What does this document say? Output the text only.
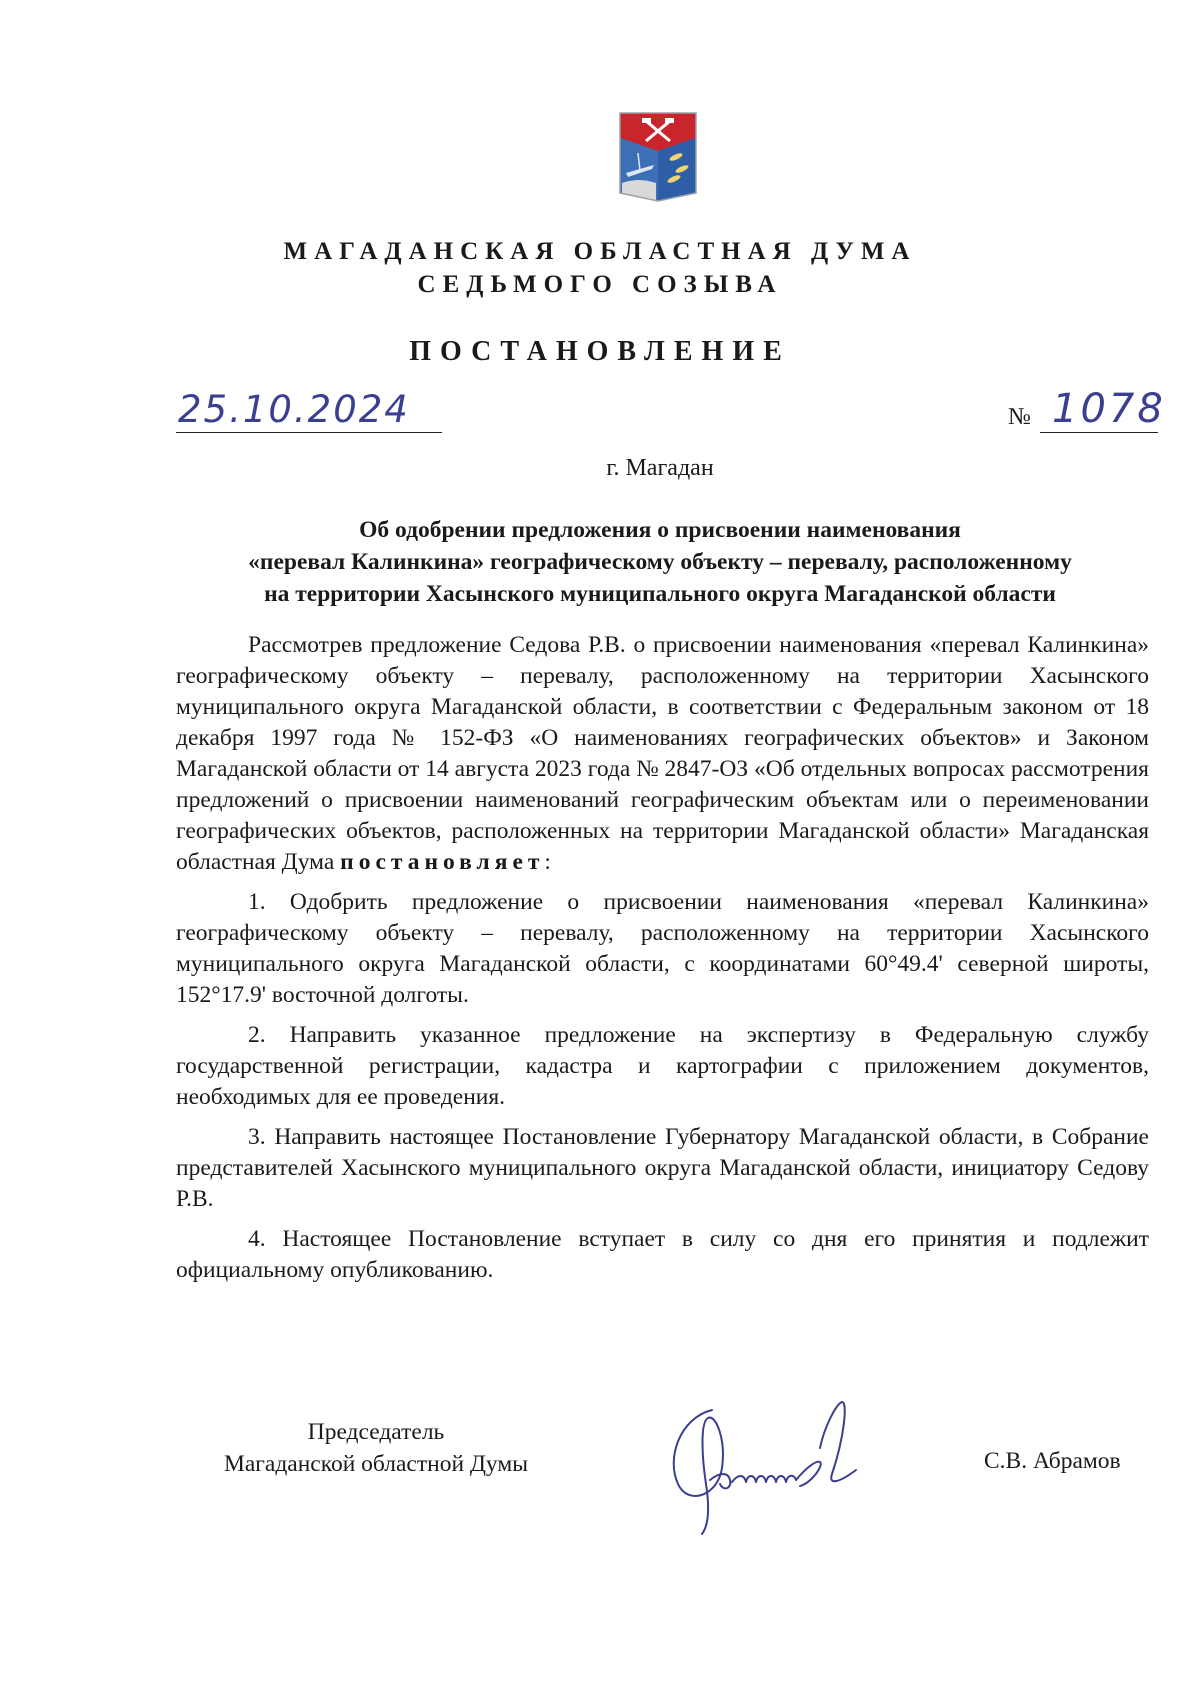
МАГАДАНСКАЯ ОБЛАСТНАЯ ДУМА
СЕДЬМОГО СОЗЫВА
ПОСТАНОВЛЕНИЕ
25.10.2024	№ 1078
г. Магадан
Об одобрении предложения о присвоении наименования
«перевал Калинкина» географическому объекту – перевалу, расположенному
на территории Хасынского муниципального округа Магаданской области

Рассмотрев предложение Седова Р.В. о присвоении наименования «перевал Калинкина» географическому объекту – перевалу, расположенному на территории Хасынского муниципального округа Магаданской области, в соответствии с Федеральным законом от 18 декабря 1997 года № 152-ФЗ «О наименованиях географических объектов» и Законом Магаданской области от 14 августа 2023 года № 2847-ОЗ «Об отдельных вопросах рассмотрения предложений о присвоении наименований географическим объектам или о переименовании географических объектов, расположенных на территории Магаданской области» Магаданская областная Дума постановляет:

1. Одобрить предложение о присвоении наименования «перевал Калинкина» географическому объекту – перевалу, расположенному на территории Хасынского муниципального округа Магаданской области, с координатами 60°49.4' северной широты, 152°17.9' восточной долготы.

2. Направить указанное предложение на экспертизу в Федеральную службу государственной регистрации, кадастра и картографии с приложением документов, необходимых для ее проведения.

3. Направить настоящее Постановление Губернатору Магаданской области, в Собрание представителей Хасынского муниципального округа Магаданской области, инициатору Седову Р.В.

4. Настоящее Постановление вступает в силу со дня его принятия и подлежит официальному опубликованию.

Председатель
Магаданской областной Думы	С.В. Абрамов
